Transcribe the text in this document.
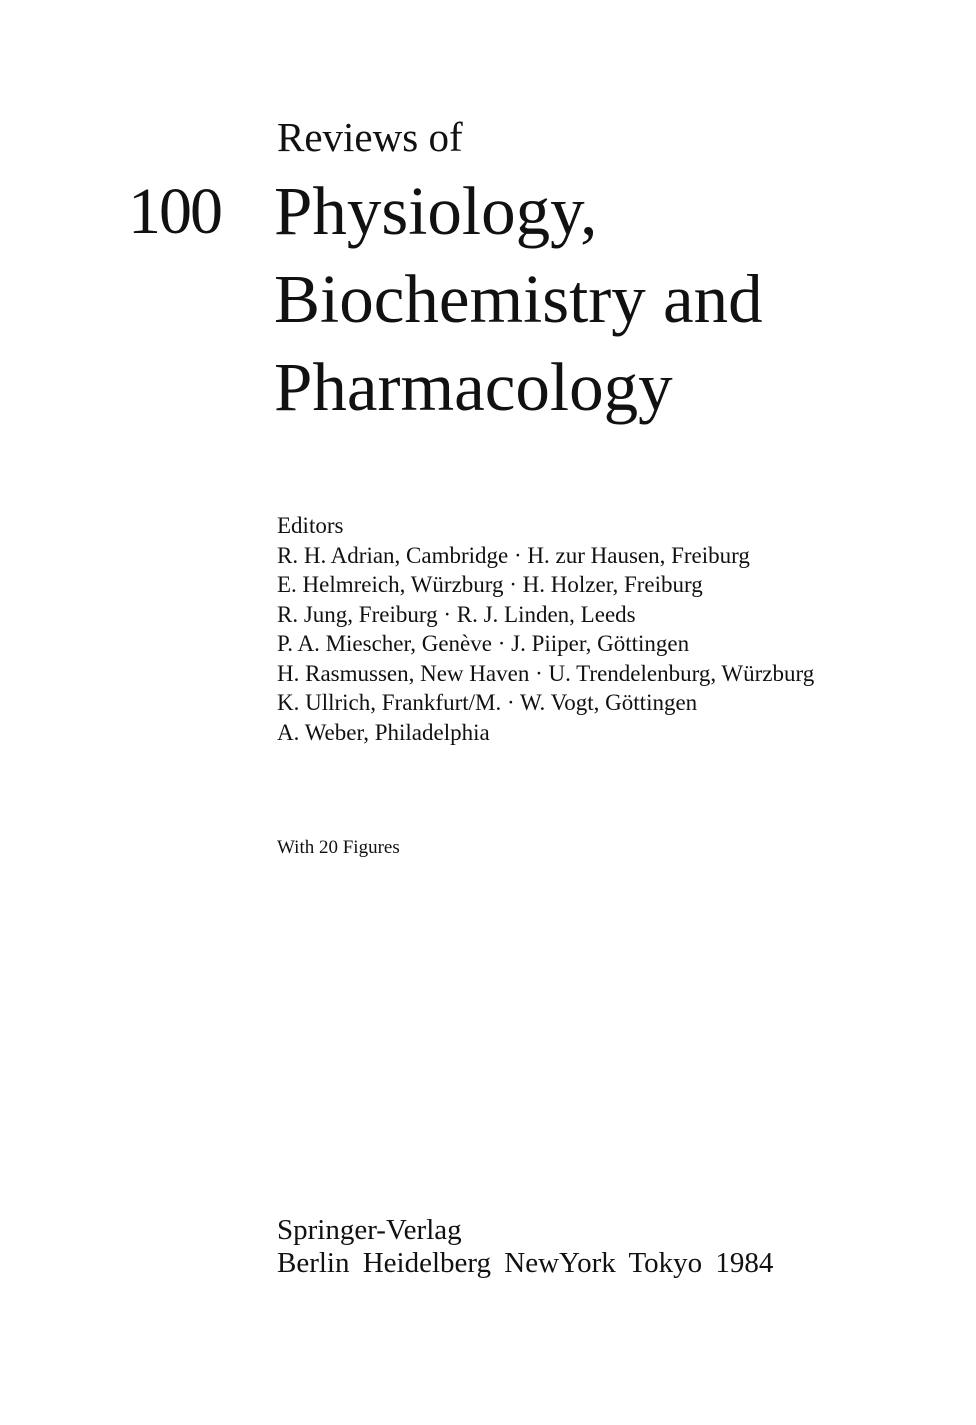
Reviews of
100 Physiology,
Biochemistry and
Pharmacology
Editors
R. H. Adrian, Cambridge · H. zur Hausen, Freiburg
E. Helmreich, Würzburg · H. Holzer, Freiburg
R. Jung, Freiburg · R. J. Linden, Leeds
P. A. Miescher, Genève · J. Piiper, Göttingen
H. Rasmussen, New Haven · U. Trendelenburg, Würzburg
K. Ullrich, Frankfurt/M. · W. Vogt, Göttingen
A. Weber, Philadelphia
With 20 Figures
Springer-Verlag
Berlin Heidelberg NewYork Tokyo 1984
